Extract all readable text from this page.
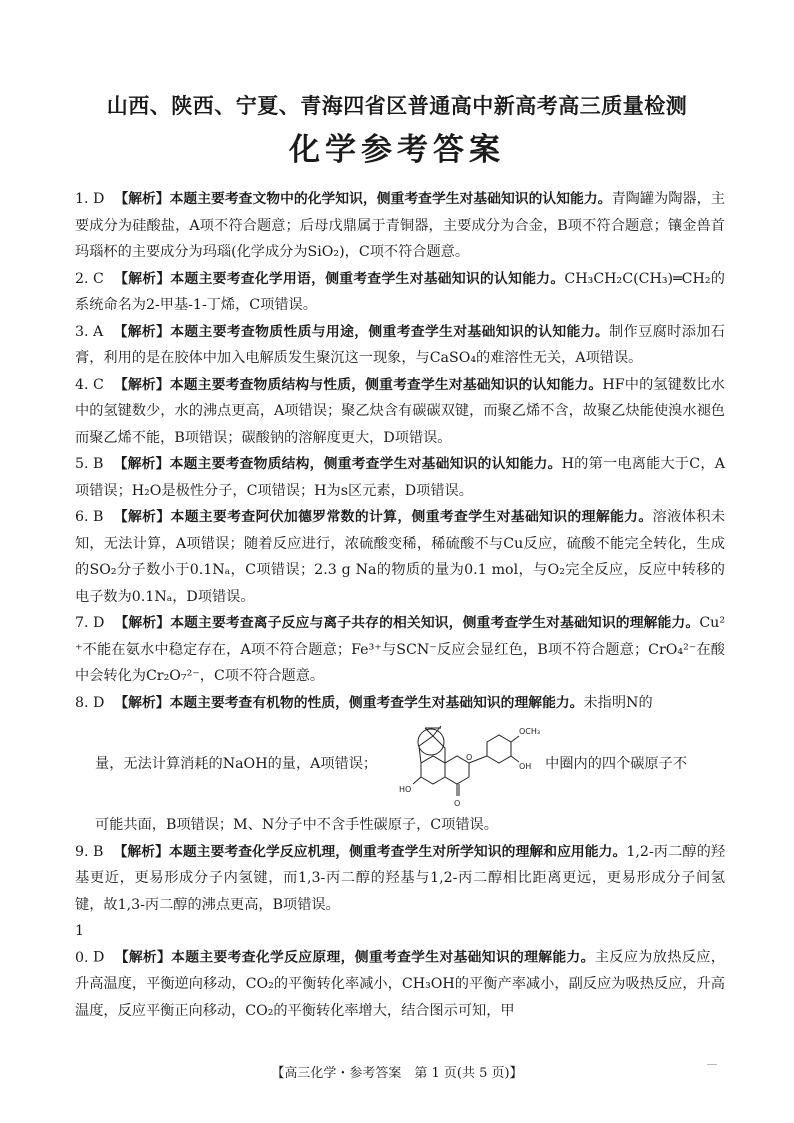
山西、陕西、宁夏、青海四省区普通高中新高考高三质量检测
化学参考答案
1. D 【解析】本题主要考查文物中的化学知识，侧重考查学生对基础知识的认知能力。青陶罐为陶器，主要成分为硅酸盐，A项不符合题意；后母戊鼎属于青铜器，主要成分为合金，B项不符合题意；镶金兽首玛瑙杯的主要成分为玛瑙(化学成分为SiO₂)，C项不符合题意。
2. C 【解析】本题主要考查化学用语，侧重考查学生对基础知识的认知能力。CH₃CH₂C(CH₃)═CH₂的系统命名为2-甲基-1-丁烯，C项错误。
3. A 【解析】本题主要考查物质性质与用途，侧重考查学生对基础知识的认知能力。制作豆腐时添加石膏，利用的是在胶体中加入电解质发生聚沉这一现象，与CaSO₄的难溶性无关，A项错误。
4. C 【解析】本题主要考查物质结构与性质，侧重考查学生对基础知识的认知能力。HF中的氢键数比水中的氢键数少，水的沸点更高，A项错误；聚乙炔含有碳碳双键，而聚乙烯不含，故聚乙炔能使溴水褪色而聚乙烯不能，B项错误；碳酸钠的溶解度更大，D项错误。
5. B 【解析】本题主要考查物质结构，侧重考查学生对基础知识的认知能力。H的第一电离能大于C，A项错误；H₂O是极性分子，C项错误；H为s区元素，D项错误。
6. B 【解析】本题主要考查阿伏加德罗常数的计算，侧重考查学生对基础知识的理解能力。溶液体积未知，无法计算，A项错误；随着反应进行，浓硫酸变稀，稀硫酸不与Cu反应，硫酸不能完全转化，生成的SO₂分子数小于0.1Nₐ，C项错误；2.3 g Na的物质的量为0.1 mol，与O₂完全反应，反应中转移的电子数为0.1Nₐ，D项错误。
7. D 【解析】本题主要考查离子反应与离子共存的相关知识，侧重考查学生对基础知识的理解能力。Cu²⁺不能在氨水中稳定存在，A项不符合题意；Fe³⁺与SCN⁻反应会显红色，B项不符合题意；CrO₄²⁻在酸中会转化为Cr₂O₇²⁻，C项不符合题意。
8. D 【解析】本题主要考查有机物的性质，侧重考查学生对基础知识的理解能力。未指明N的
量，无法计算消耗的NaOH的量，A项错误；
OCH₃
OH
HO
O
O	中圈内的四个碳原子不
可能共面，B项错误；M、N分子中不含手性碳原子，C项错误。
9. B 【解析】本题主要考查化学反应机理，侧重考查学生对所学知识的理解和应用能力。1,2-丙二醇的羟基更近，更易形成分子内氢键，而1,3-丙二醇的羟基与1,2-丙二醇相比距离更远，更易形成分子间氢键，故1,3-丙二醇的沸点更高，B项错误。
10. D 【解析】本题主要考查化学反应原理，侧重考查学生对基础知识的理解能力。主反应为放热反应，升高温度，平衡逆向移动，CO₂的平衡转化率减小，CH₃OH的平衡产率减小，副反应为吸热反应，升高温度，反应平衡正向移动，CO₂的平衡转化率增大，结合图示可知，甲
【高三化学・参考答案　第 1 页(共 5 页)】
